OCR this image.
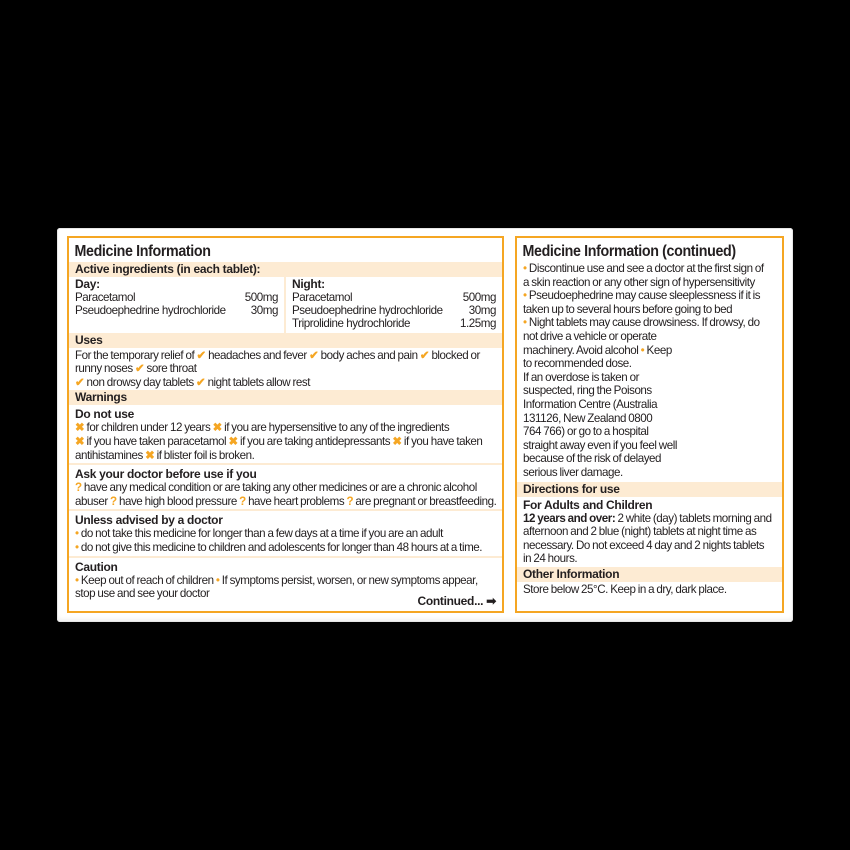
Medicine Information
Active ingredients (in each tablet):
Day:
Paracetamol	500mg
Pseudoephedrine hydrochloride 30mg
Night:
Paracetamol	500mg
Pseudoephedrine hydrochloride 30mg
Triprolidine hydrochloride	1.25mg
Uses
For the temporary relief of ✔ headaches and fever ✔ body aches and pain ✔ blocked or
runny noses ✔ sore throat
✔ non drowsy day tablets ✔ night tablets allow rest
Warnings
Do not use
✖ for children under 12 years ✖ if you are hypersensitive to any of the ingredients
✖ if you have taken paracetamol ✖ if you are taking antidepressants ✖ if you have taken
antihistamines ✖ if blister foil is broken.
Ask your doctor before use if you
? have any medical condition or are taking any other medicines or are a chronic alcohol
abuser ? have high blood pressure ? have heart problems ? are pregnant or breastfeeding.
Unless advised by a doctor
• do not take this medicine for longer than a few days at a time if you are an adult
• do not give this medicine to children and adolescents for longer than 48 hours at a time.
Caution
• Keep out of reach of children • If symptoms persist, worsen, or new symptoms appear,
stop use and see your doctor
Continued... ➡
Medicine Information (continued)
• Discontinue use and see a doctor at the first sign of
a skin reaction or any other sign of hypersensitivity
• Pseudoephedrine may cause sleeplessness if it is
taken up to several hours before going to bed
• Night tablets may cause drowsiness. If drowsy, do
not drive a vehicle or operate
machinery. Avoid alcohol • Keep
to recommended dose.
If an overdose is taken or
suspected, ring the Poisons
Information Centre (Australia
131126, New Zealand 0800
764 766) or go to a hospital
straight away even if you feel well
because of the risk of delayed
serious liver damage.
Directions for use
For Adults and Children
12 years and over: 2 white (day) tablets morning and
afternoon and 2 blue (night) tablets at night time as
necessary. Do not exceed 4 day and 2 nights tablets
in 24 hours.
Other Information
Store below 25°C. Keep in a dry, dark place.
